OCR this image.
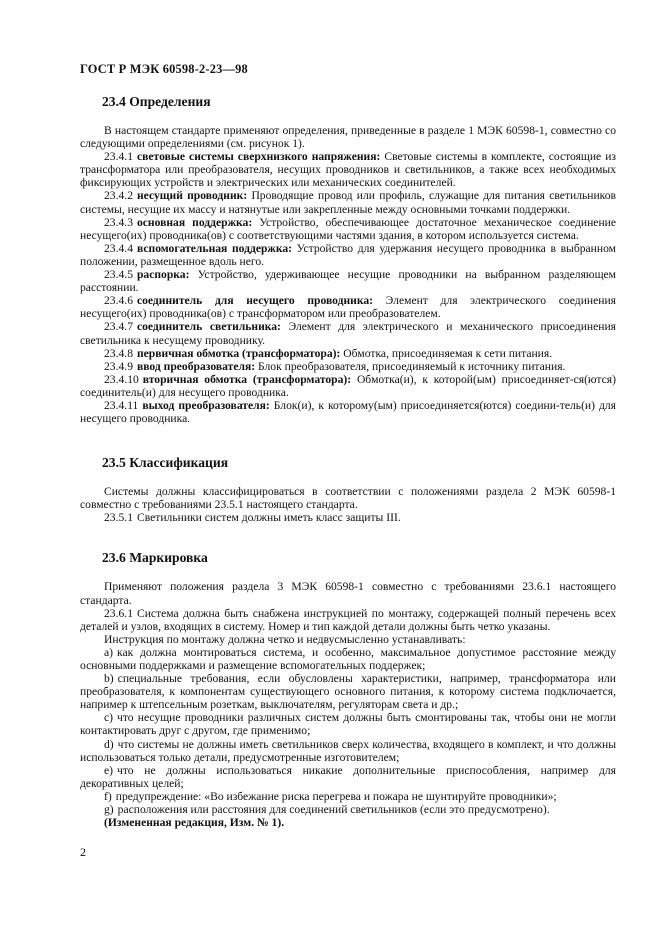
ГОСТ Р МЭК 60598-2-23—98
23.4 Определения

В настоящем стандарте применяют определения, приведенные в разделе 1 МЭК 60598-1, совместно со следующими определениями (см. рисунок 1).

23.4.1 световые системы сверхнизкого напряжения: Световые системы в комплекте, состоящие из трансформатора или преобразователя, несущих проводников и светильников, а также всех необходимых фиксирующих устройств и электрических или механических соединителей.

23.4.2 несущий проводник: Проводящие провод или профиль, служащие для питания светильников системы, несущие их массу и натянутые или закрепленные между основными точками поддержки.

23.4.3 основная поддержка: Устройство, обеспечивающее достаточное механическое соединение несущего(их) проводника(ов) с соответствующими частями здания, в котором используется система.

23.4.4 вспомогательная поддержка: Устройство для удержания несущего проводника в выбранном положении, размещенное вдоль него.

23.4.5 распорка: Устройство, удерживающее несущие проводники на выбранном разделяющем расстоянии.

23.4.6 соединитель для несущего проводника: Элемент для электрического соединения несущего(их) проводника(ов) с трансформатором или преобразователем.

23.4.7 соединитель светильника: Элемент для электрического и механического присоединения светильника к несущему проводнику.

23.4.8 первичная обмотка (трансформатора): Обмотка, присоединяемая к сети питания.

23.4.9 ввод преобразователя: Блок преобразователя, присоединяемый к источнику питания.

23.4.10 вторичная обмотка (трансформатора): Обмотка(и), к которой(ым) присоединяет-ся(ются) соединитель(и) для несущего проводника.

23.4.11 выход преобразователя: Блок(и), к которому(ым) присоединяется(ются) соедини-тель(и) для несущего проводника.

23.5 Классификация

Системы должны классифицироваться в соответствии с положениями раздела 2 МЭК 60598-1 совместно с требованиями 23.5.1 настоящего стандарта.

23.5.1 Светильники систем должны иметь класс защиты III.

23.6 Маркировка

Применяют положения раздела 3 МЭК 60598-1 совместно с требованиями 23.6.1 настоящего стандарта.

23.6.1 Система должна быть снабжена инструкцией по монтажу, содержащей полный перечень всех деталей и узлов, входящих в систему. Номер и тип каждой детали должны быть четко указаны.

Инструкция по монтажу должна четко и недвусмысленно устанавливать:

а) как должна монтироваться система, и особенно, максимальное допустимое расстояние между основными поддержками и размещение вспомогательных поддержек;

b) специальные требования, если обусловлены характеристики, например, трансформатора или преобразователя, к компонентам существующего основного питания, к которому система подключается, например к штепсельным розеткам, выключателям, регуляторам света и др.;

с) что несущие проводники различных систем должны быть смонтированы так, чтобы они не могли контактировать друг с другом, где применимо;

d) что системы не должны иметь светильников сверх количества, входящего в комплект, и что должны использоваться только детали, предусмотренные изготовителем;

е) что не должны использоваться никакие дополнительные приспособления, например для декоративных целей;

f) предупреждение: «Во избежание риска перегрева и пожара не шунтируйте проводники»;

g) расположения или расстояния для соединений светильников (если это предусмотрено).

(Измененная редакция, Изм. № 1).

2
